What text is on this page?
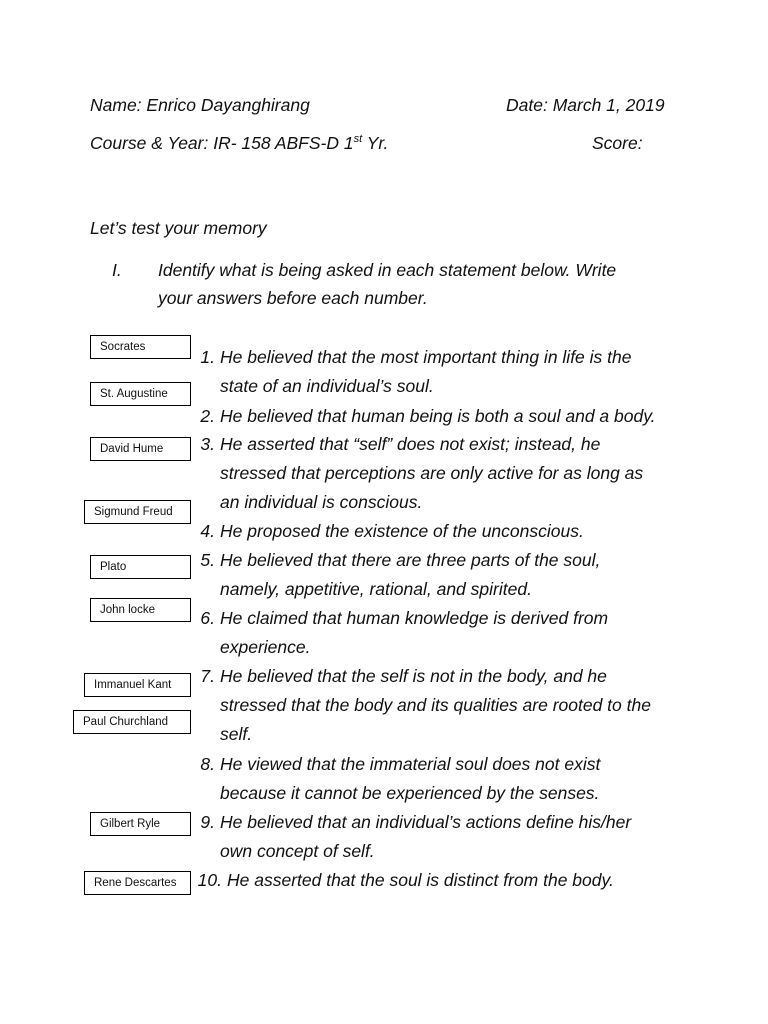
Name: Enrico Dayanghirang	Date: March 1, 2019
Course & Year: IR- 158 ABFS-D 1st Yr.	Score:
Let’s test your memory
I. Identify what is being asked in each statement below. Write
your answers before each number.
Socrates
St. Augustine
David Hume
Sigmund Freud
Plato
John locke
Immanuel Kant
Paul Churchland
Gilbert Ryle
Rene Descartes
1. He believed that the most important thing in life is the
state of an individual’s soul.
2. He believed that human being is both a soul and a body.
3. He asserted that “self” does not exist; instead, he
stressed that perceptions are only active for as long as
an individual is conscious.
4. He proposed the existence of the unconscious.
5. He believed that there are three parts of the soul,
namely, appetitive, rational, and spirited.
6. He claimed that human knowledge is derived from
experience.
7. He believed that the self is not in the body, and he
stressed that the body and its qualities are rooted to the
self.
8. He viewed that the immaterial soul does not exist
because it cannot be experienced by the senses.
9. He believed that an individual’s actions define his/her
own concept of self.
10. He asserted that the soul is distinct from the body.
